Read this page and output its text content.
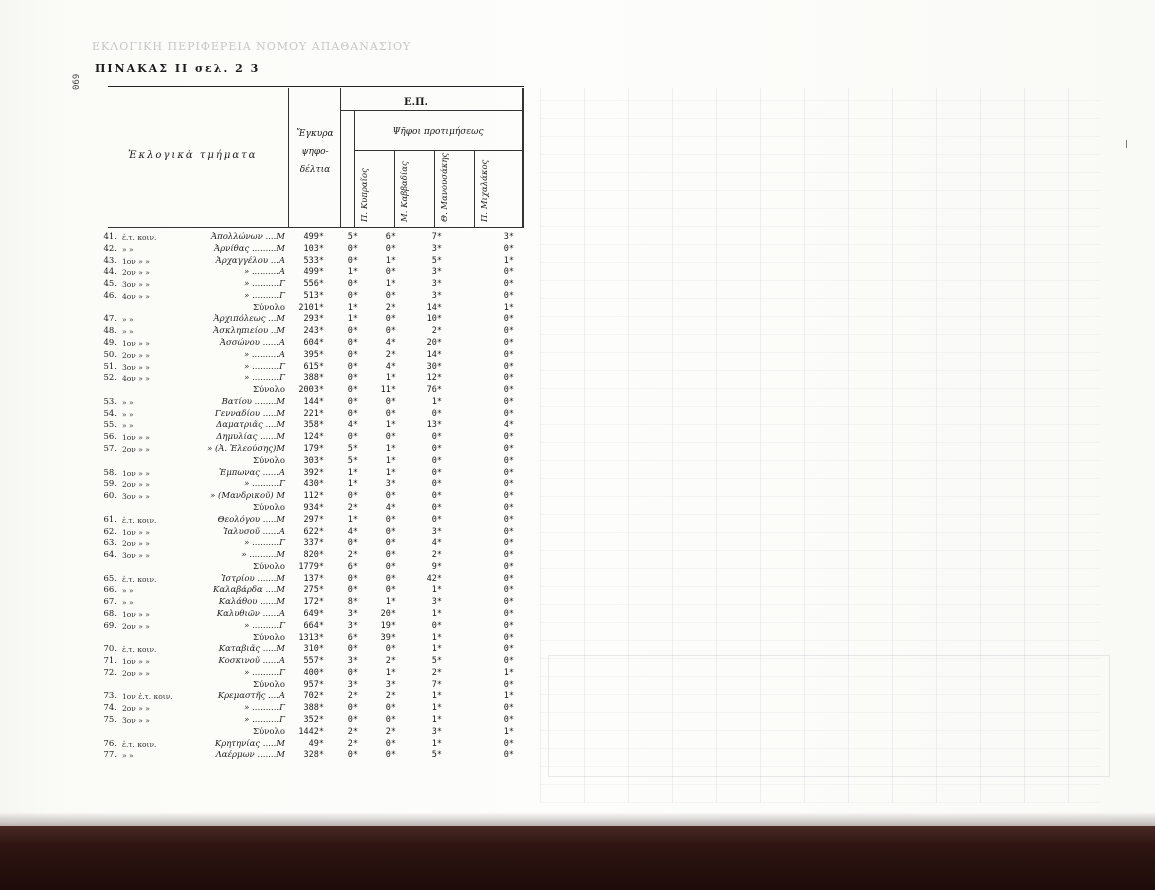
ΕΚΛΟΓΙΚΗ ΠΕΡΙΦΕΡΕΙΑ ΝΟΜΟΥ ΑΠΑΘΑΝΑΣΙΟΥ
069
ΠΙΝΑΚΑΣ ΙΙ σελ. 2 3
Ἐκλογικὰ τμήματα
Ἔγκυρα ψηφο- δέλτια
Ε.Π.
Ψῆφοι προτιμήσεως
Π. Κυπραῖος	Μ. Καββαδίας	Θ. Μανουσάκης	Π. Μιχαλάκος
41. ἐ.τ. κοιν.	Ἀπολλώνων ....Μ	499*	5*	6*	7*	3*
42. » »	Ἀρνίθας .........Μ	103*	0*	0*	3*	0*
43. 1ον » »	Ἀρχαγγέλου ...Α	533*	0*	1*	5*	1*
44. 2ον » »	» ..........Α	499*	1*	0*	3*	0*
45. 3ον » »	» ..........Γ	556*	0*	1*	3*	0*
46. 4ον » »	» ..........Γ	513*	0*	0*	3*	0*
Σύνολο	2101*	1*	2*	14*	1*
47. » »	Ἀρχιπόλεως ...Μ	293*	1*	0*	10*	0*
48. » »	Ἀσκληπιείου ..Μ	243*	0*	0*	2*	0*
49. 1ον » »	Ἀσσώνου ......Α	604*	0*	4*	20*	0*
50. 2ον » »	» ..........Α	395*	0*	2*	14*	0*
51. 3ον » »	» ..........Γ	615*	0*	4*	30*	0*
52. 4ον » »	» ..........Γ	388*	0*	1*	12*	0*
Σύνολο	2003*	0*	11*	76*	0*
53. » »	Βατίου ........Μ	144*	0*	0*	1*	0*
54. » »	Γενναδίου .....Μ	221*	0*	0*	0*	0*
55. » »	Δαματριᾶς ....Μ	358*	4*	1*	13*	4*
56. 1ον » »	Δημυλίας ......Μ	124*	0*	0*	0*	0*
57. 2ον » »	» (Ἀ. Ἐλεούσης)Μ	179*	5*	1*	0*	0*
Σύνολο	303*	5*	1*	0*	0*
58. 1ον » »	Ἐμπωνας ......Α	392*	1*	1*	0*	0*
59. 2ον » »	» ..........Γ	430*	1*	3*	0*	0*
60. 3ον » »	» (Μανδρικοῦ) Μ	112*	0*	0*	0*	0*
Σύνολο	934*	2*	4*	0*	0*
61. ἐ.τ. κοιν.	Θεολόγου .....Μ	297*	1*	0*	0*	0*
62. 1ον » »	Ἰαλυσοῦ ......Α	622*	4*	0*	3*	0*
63. 2ον » »	» ..........Γ	337*	0*	0*	4*	0*
64. 3ον » »	» ..........Μ	820*	2*	0*	2*	0*
Σύνολο	1779*	6*	0*	9*	0*
65. ἐ.τ. κοιν.	Ἰστρίου .......Μ	137*	0*	0*	42*	0*
66. » »	Καλαβάρδα ....Μ	275*	0*	0*	1*	0*
67. » »	Καλάθου ......Μ	172*	8*	1*	3*	0*
68. 1ον » »	Καλυθιῶν ......Α	649*	3*	20*	1*	0*
69. 2ον » »	» ..........Γ	664*	3*	19*	0*	0*
Σύνολο	1313*	6*	39*	1*	0*
70. ἐ.τ. κοιν.	Καταβιᾶς .....Μ	310*	0*	0*	1*	0*
71. 1ον » »	Κοσκινοῦ ......Α	557*	3*	2*	5*	0*
72. 2ον » »	» ..........Γ	400*	0*	1*	2*	1*
Σύνολο	957*	3*	3*	7*	0*
73. 1ον ἐ.τ. κοιν.	Κρεμαστῆς ....Α	702*	2*	2*	1*	1*
74. 2ον » »	» ..........Γ	388*	0*	0*	1*	0*
75. 3ον » »	» ..........Γ	352*	0*	0*	1*	0*
Σύνολο	1442*	2*	2*	3*	1*
76. ἐ.τ. κοιν.	Κρητηνίας .....Μ	49*	2*	0*	1*	0*
77. » »	Λαέρμων .......Μ	328*	0*	0*	5*	0*
